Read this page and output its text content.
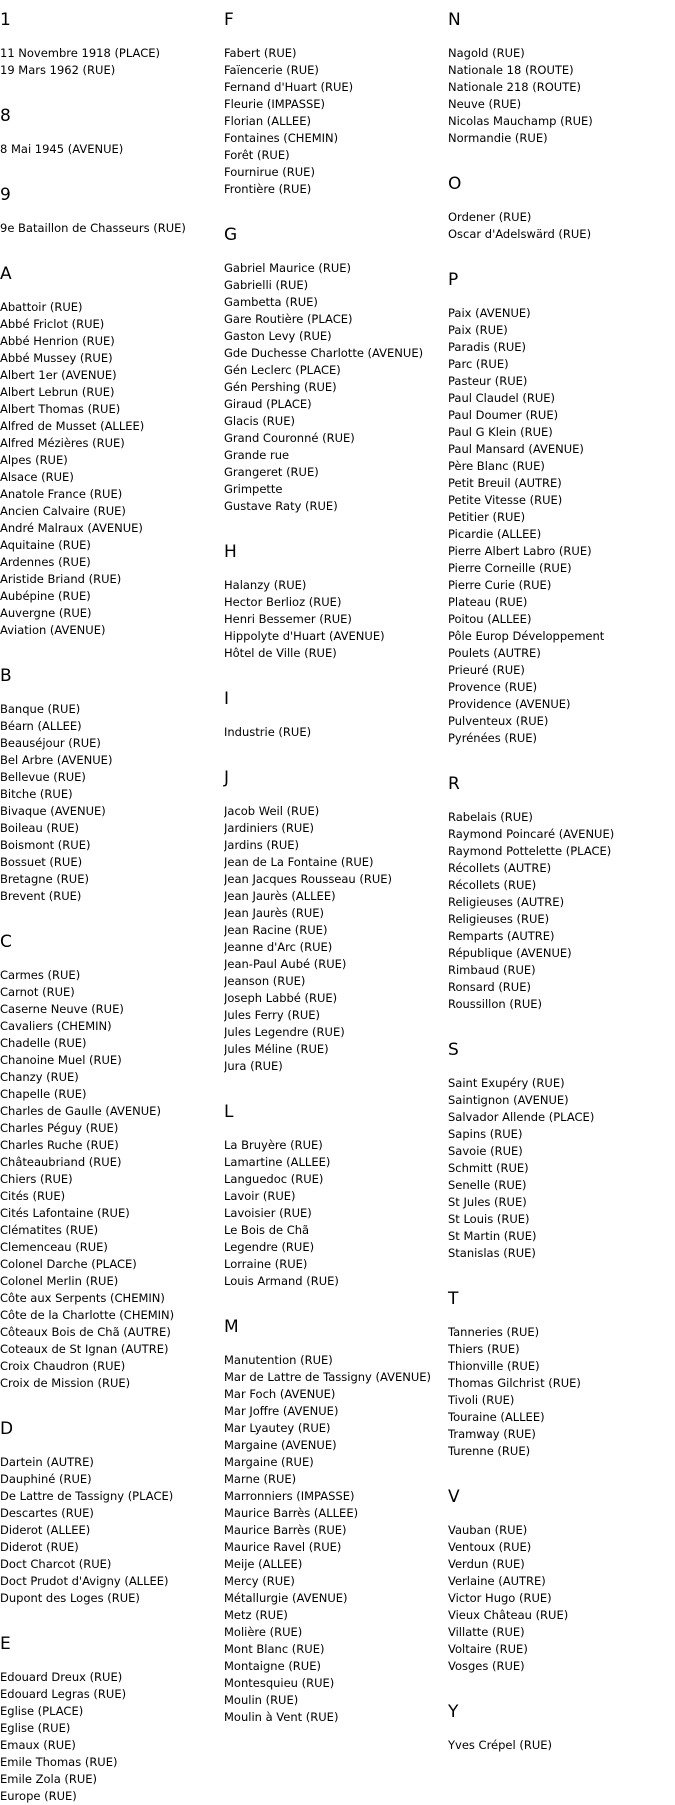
1
11 Novembre 1918 (PLACE)
19 Mars 1962 (RUE)
8
8 Mai 1945 (AVENUE)
9
9e Bataillon de Chasseurs (RUE)
A
Abattoir (RUE)
Abbé Friclot (RUE)
Abbé Henrion (RUE)
Abbé Mussey (RUE)
Albert 1er (AVENUE)
Albert Lebrun (RUE)
Albert Thomas (RUE)
Alfred de Musset (ALLEE)
Alfred Mézières (RUE)
Alpes (RUE)
Alsace (RUE)
Anatole France (RUE)
Ancien Calvaire (RUE)
André Malraux (AVENUE)
Aquitaine (RUE)
Ardennes (RUE)
Aristide Briand (RUE)
Aubépine (RUE)
Auvergne (RUE)
Aviation (AVENUE)
B
Banque (RUE)
Béarn (ALLEE)
Beauséjour (RUE)
Bel Arbre (AVENUE)
Bellevue (RUE)
Bitche (RUE)
Bivaque (AVENUE)
Boileau (RUE)
Boismont (RUE)
Bossuet (RUE)
Bretagne (RUE)
Brevent (RUE)
C
Carmes (RUE)
Carnot (RUE)
Caserne Neuve (RUE)
Cavaliers (CHEMIN)
Chadelle (RUE)
Chanoine Muel (RUE)
Chanzy (RUE)
Chapelle (RUE)
Charles de Gaulle (AVENUE)
Charles Péguy (RUE)
Charles Ruche (RUE)
Châteaubriand (RUE)
Chiers (RUE)
Cités (RUE)
Cités Lafontaine (RUE)
Clématites (RUE)
Clemenceau (RUE)
Colonel Darche (PLACE)
Colonel Merlin (RUE)
Côte aux Serpents (CHEMIN)
Côte de la Charlotte (CHEMIN)
Côteaux Bois de Chã (AUTRE)
Coteaux de St Ignan (AUTRE)
Croix Chaudron (RUE)
Croix de Mission (RUE)
D
Dartein (AUTRE)
Dauphiné (RUE)
De Lattre de Tassigny (PLACE)
Descartes (RUE)
Diderot (ALLEE)
Diderot (RUE)
Doct Charcot (RUE)
Doct Prudot d'Avigny (ALLEE)
Dupont des Loges (RUE)
E
Edouard Dreux (RUE)
Edouard Legras (RUE)
Eglise (PLACE)
Eglise (RUE)
Emaux (RUE)
Emile Thomas (RUE)
Emile Zola (RUE)
Europe (RUE)
F
Fabert (RUE)
Faïencerie (RUE)
Fernand d'Huart (RUE)
Fleurie (IMPASSE)
Florian (ALLEE)
Fontaines (CHEMIN)
Forêt (RUE)
Fournirue (RUE)
Frontière (RUE)
G
Gabriel Maurice (RUE)
Gabrielli (RUE)
Gambetta (RUE)
Gare Routière (PLACE)
Gaston Levy (RUE)
Gde Duchesse Charlotte (AVENUE)
Gén Leclerc (PLACE)
Gén Pershing (RUE)
Giraud (PLACE)
Glacis (RUE)
Grand Couronné (RUE)
Grande rue
Grangeret (RUE)
Grimpette
Gustave Raty (RUE)
H
Halanzy (RUE)
Hector Berlioz (RUE)
Henri Bessemer (RUE)
Hippolyte d'Huart (AVENUE)
Hôtel de Ville (RUE)
I
Industrie (RUE)
J
Jacob Weil (RUE)
Jardiniers (RUE)
Jardins (RUE)
Jean de La Fontaine (RUE)
Jean Jacques Rousseau (RUE)
Jean Jaurès (ALLEE)
Jean Jaurès (RUE)
Jean Racine (RUE)
Jeanne d'Arc (RUE)
Jean-Paul Aubé (RUE)
Jeanson (RUE)
Joseph Labbé (RUE)
Jules Ferry (RUE)
Jules Legendre (RUE)
Jules Méline (RUE)
Jura (RUE)
L
La Bruyère (RUE)
Lamartine (ALLEE)
Languedoc (RUE)
Lavoir (RUE)
Lavoisier (RUE)
Le Bois de Chã
Legendre (RUE)
Lorraine (RUE)
Louis Armand (RUE)
M
Manutention (RUE)
Mar de Lattre de Tassigny (AVENUE)
Mar Foch (AVENUE)
Mar Joffre (AVENUE)
Mar Lyautey (RUE)
Margaine (AVENUE)
Margaine (RUE)
Marne (RUE)
Marronniers (IMPASSE)
Maurice Barrès (ALLEE)
Maurice Barrès (RUE)
Maurice Ravel (RUE)
Meije (ALLEE)
Mercy (RUE)
Métallurgie (AVENUE)
Metz (RUE)
Molière (RUE)
Mont Blanc (RUE)
Montaigne (RUE)
Montesquieu (RUE)
Moulin (RUE)
Moulin à Vent (RUE)
N
Nagold (RUE)
Nationale 18 (ROUTE)
Nationale 218 (ROUTE)
Neuve (RUE)
Nicolas Mauchamp (RUE)
Normandie (RUE)
O
Ordener (RUE)
Oscar d'Adelswärd (RUE)
P
Paix (AVENUE)
Paix (RUE)
Paradis (RUE)
Parc (RUE)
Pasteur (RUE)
Paul Claudel (RUE)
Paul Doumer (RUE)
Paul G Klein (RUE)
Paul Mansard (AVENUE)
Père Blanc (RUE)
Petit Breuil (AUTRE)
Petite Vitesse (RUE)
Petitier (RUE)
Picardie (ALLEE)
Pierre Albert Labro (RUE)
Pierre Corneille (RUE)
Pierre Curie (RUE)
Plateau (RUE)
Poitou (ALLEE)
Pôle Europ Développement
Poulets (AUTRE)
Prieuré (RUE)
Provence (RUE)
Providence (AVENUE)
Pulventeux (RUE)
Pyrénées (RUE)
R
Rabelais (RUE)
Raymond Poincaré (AVENUE)
Raymond Pottelette (PLACE)
Récollets (AUTRE)
Récollets (RUE)
Religieuses (AUTRE)
Religieuses (RUE)
Remparts (AUTRE)
République (AVENUE)
Rimbaud (RUE)
Ronsard (RUE)
Roussillon (RUE)
S
Saint Exupéry (RUE)
Saintignon (AVENUE)
Salvador Allende (PLACE)
Sapins (RUE)
Savoie (RUE)
Schmitt (RUE)
Senelle (RUE)
St Jules (RUE)
St Louis (RUE)
St Martin (RUE)
Stanislas (RUE)
T
Tanneries (RUE)
Thiers (RUE)
Thionville (RUE)
Thomas Gilchrist (RUE)
Tivoli (RUE)
Touraine (ALLEE)
Tramway (RUE)
Turenne (RUE)
V
Vauban (RUE)
Ventoux (RUE)
Verdun (RUE)
Verlaine (AUTRE)
Victor Hugo (RUE)
Vieux Château (RUE)
Villatte (RUE)
Voltaire (RUE)
Vosges (RUE)
Y
Yves Crépel (RUE)
